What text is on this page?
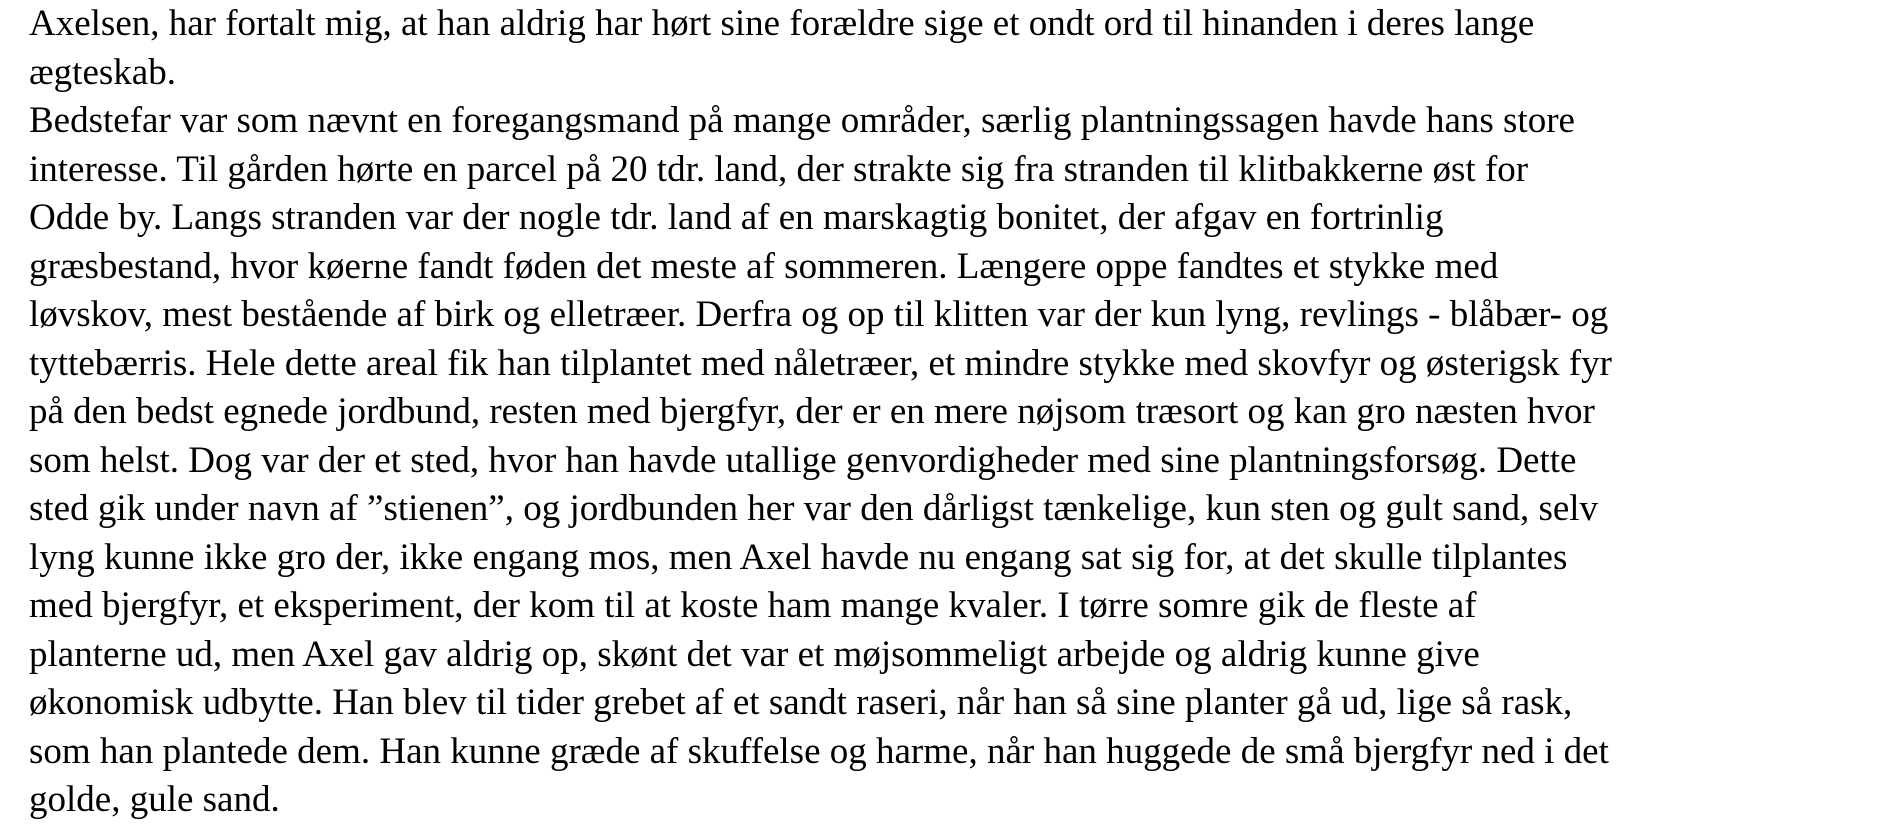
Axelsen, har fortalt mig, at han aldrig har hørt sine forældre sige et ondt ord til hinanden i deres lange
ægteskab.
Bedstefar var som nævnt en foregangsmand på mange områder, særlig plantningssagen havde hans store
interesse. Til gården hørte en parcel på 20 tdr. land, der strakte sig fra stranden til klitbakkerne øst for
Odde by. Langs stranden var der nogle tdr. land af en marskagtig bonitet, der afgav en fortrinlig
græsbestand, hvor køerne fandt føden det meste af sommeren. Længere oppe fandtes et stykke med
løvskov, mest bestående af birk og elletræer. Derfra og op til klitten var der kun lyng, revlings - blåbær- og
tyttebærris. Hele dette areal fik han tilplantet med nåletræer, et mindre stykke med skovfyr og østerigsk fyr
på den bedst egnede jordbund, resten med bjergfyr, der er en mere nøjsom træsort og kan gro næsten hvor
som helst. Dog var der et sted, hvor han havde utallige genvordigheder med sine plantningsforsøg. Dette
sted gik under navn af ”stienen”, og jordbunden her var den dårligst tænkelige, kun sten og gult sand, selv
lyng kunne ikke gro der, ikke engang mos, men Axel havde nu engang sat sig for, at det skulle tilplantes
med bjergfyr, et eksperiment, der kom til at koste ham mange kvaler. I tørre somre gik de fleste af
planterne ud, men Axel gav aldrig op, skønt det var et møjsommeligt arbejde og aldrig kunne give
økonomisk udbytte. Han blev til tider grebet af et sandt raseri, når han så sine planter gå ud, lige så rask,
som han plantede dem. Han kunne græde af skuffelse og harme, når han huggede de små bjergfyr ned i det
golde, gule sand.
